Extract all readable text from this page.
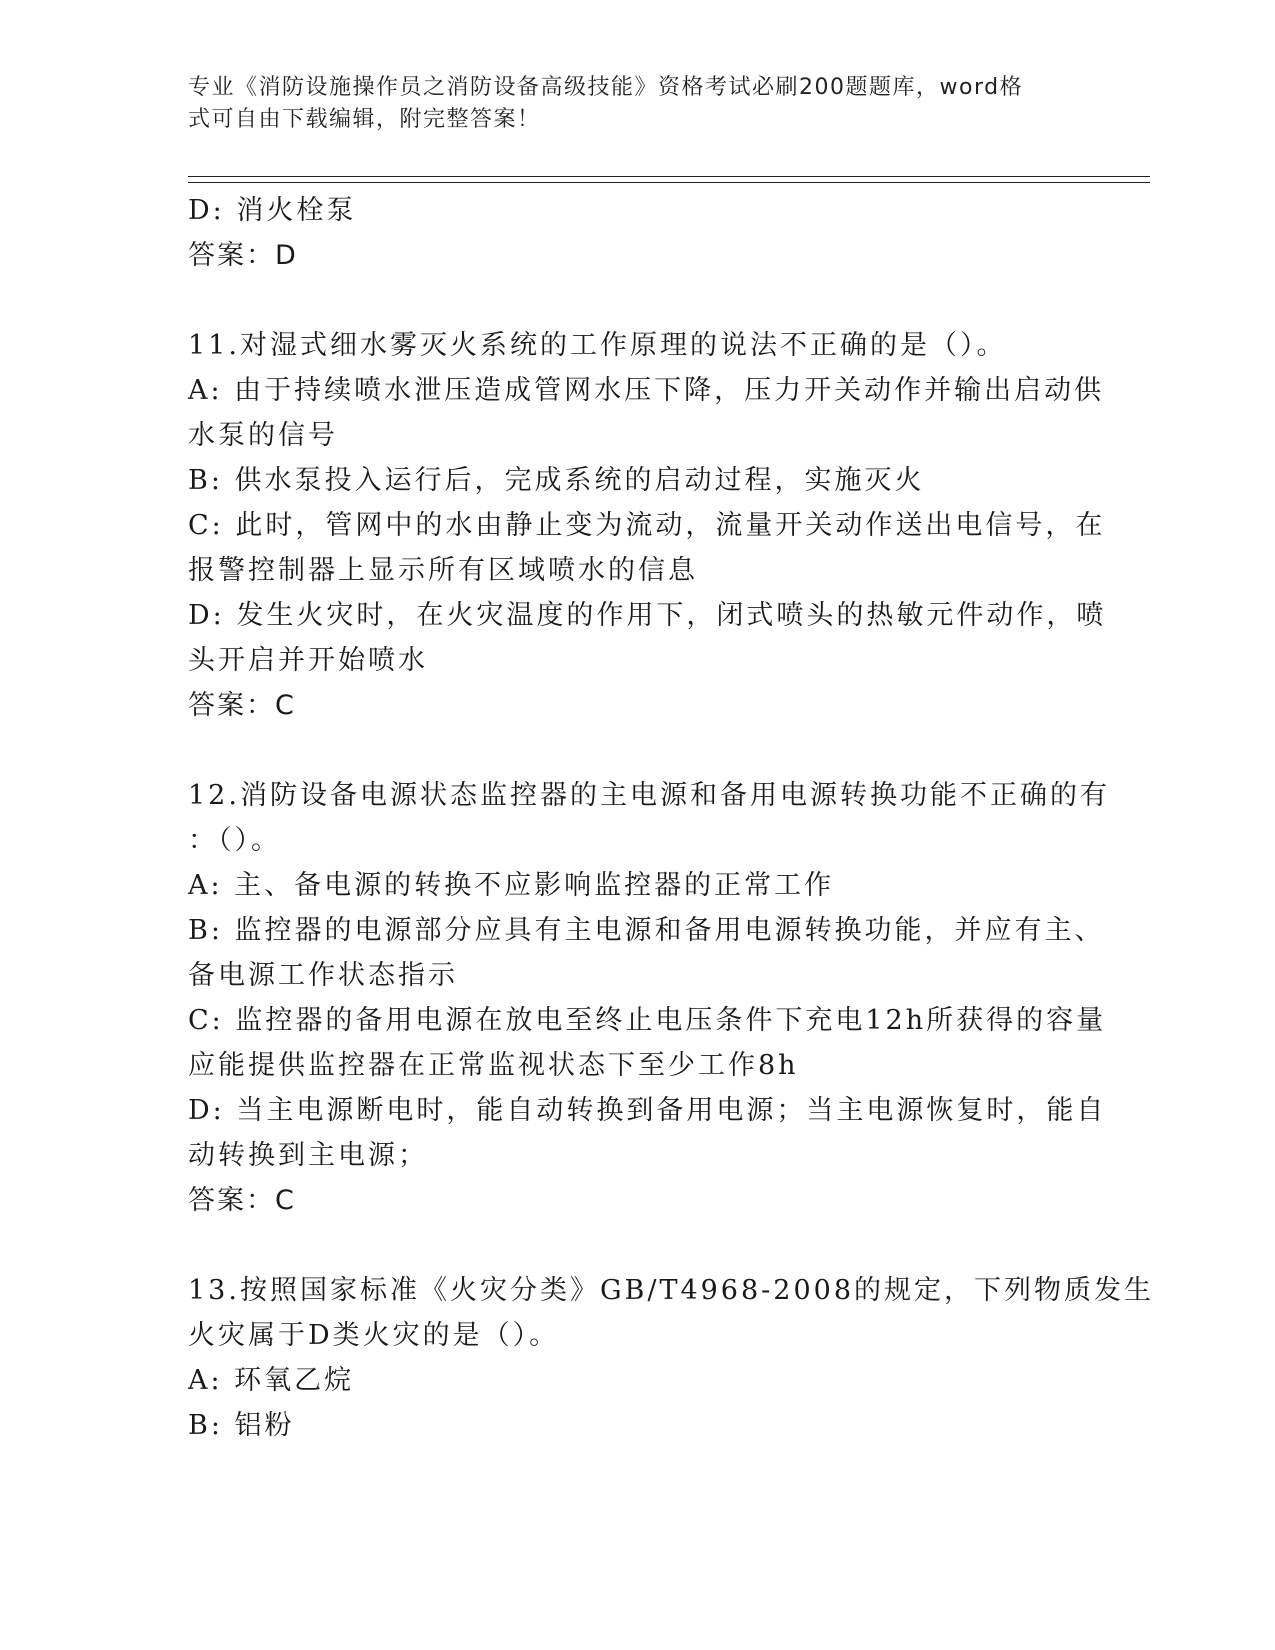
专业《消防设施操作员之消防设备高级技能》资格考试必刷200题题库，word格
式可自由下载编辑，附完整答案！
D: 消火栓泵
答案：D
11.对湿式细水雾灭火系统的工作原理的说法不正确的是（）。
A: 由于持续喷水泄压造成管网水压下降，压力开关动作并输出启动供
水泵的信号
B: 供水泵投入运行后，完成系统的启动过程，实施灭火
C: 此时，管网中的水由静止变为流动，流量开关动作送出电信号，在
报警控制器上显示所有区域喷水的信息
D: 发生火灾时，在火灾温度的作用下，闭式喷头的热敏元件动作，喷
头开启并开始喷水
答案：C
12.消防设备电源状态监控器的主电源和备用电源转换功能不正确的有
：（）。
A: 主、备电源的转换不应影响监控器的正常工作
B: 监控器的电源部分应具有主电源和备用电源转换功能，并应有主、
备电源工作状态指示
C: 监控器的备用电源在放电至终止电压条件下充电12h所获得的容量
应能提供监控器在正常监视状态下至少工作8h
D: 当主电源断电时，能自动转换到备用电源；当主电源恢复时，能自
动转换到主电源；
答案：C
13.按照国家标准《火灾分类》GB/T4968-2008的规定，下列物质发生
火灾属于D类火灾的是（）。
A: 环氧乙烷
B: 铝粉
